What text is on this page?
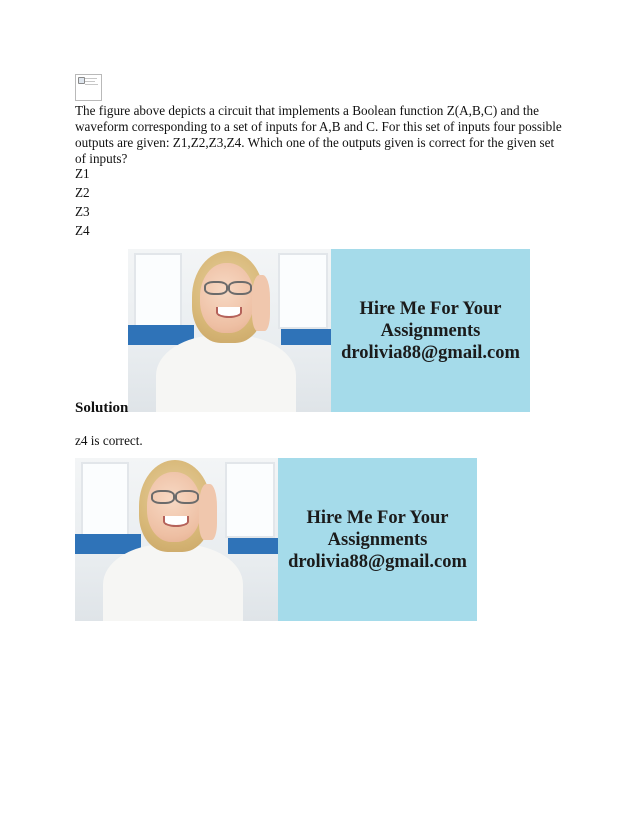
The figure above depicts a circuit that implements a Boolean function Z(A,B,C) and the waveform corresponding to a set of inputs for A,B and C. For this set of inputs four possible outputs are given: Z1,Z2,Z3,Z4. Which one of the outputs given is correct for the given set of inputs?

Z1
Z2
Z3
Z4
Hire Me For Your
Assignments
drolivia88@gmail.com

Solution

z4 is correct.

Hire Me For Your
Assignments
drolivia88@gmail.com
